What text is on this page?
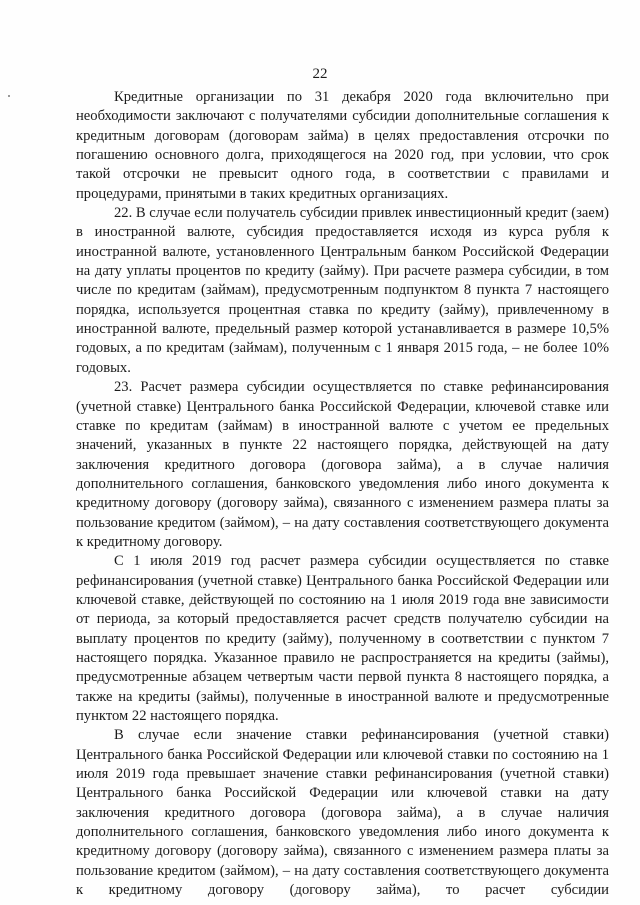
22

Кредитные организации по 31 декабря 2020 года включительно при необходимости заключают с получателями субсидии дополнительные соглашения к кредитным договорам (договорам займа) в целях предоставления отсрочки по погашению основного долга, приходящегося на 2020 год, при условии, что срок такой отсрочки не превысит одного года, в соответствии с правилами и процедурами, принятыми в таких кредитных организациях.

22. В случае если получатель субсидии привлек инвестиционный кредит (заем) в иностранной валюте, субсидия предоставляется исходя из курса рубля к иностранной валюте, установленного Центральным банком Российской Федерации на дату уплаты процентов по кредиту (займу). При расчете размера субсидии, в том числе по кредитам (займам), предусмотренным подпунктом 8 пункта 7 настоящего порядка, используется процентная ставка по кредиту (займу), привлеченному в иностранной валюте, предельный размер которой устанавливается в размере 10,5% годовых, а по кредитам (займам), полученным с 1 января 2015 года, – не более 10% годовых.

23. Расчет размера субсидии осуществляется по ставке рефинансирования (учетной ставке) Центрального банка Российской Федерации, ключевой ставке или ставке по кредитам (займам) в иностранной валюте с учетом ее предельных значений, указанных в пункте 22 настоящего порядка, действующей на дату заключения кредитного договора (договора займа), а в случае наличия дополнительного соглашения, банковского уведомления либо иного документа к кредитному договору (договору займа), связанного с изменением размера платы за пользование кредитом (займом), – на дату составления соответствующего документа к кредитному договору.

С 1 июля 2019 год расчет размера субсидии осуществляется по ставке рефинансирования (учетной ставке) Центрального банка Российской Федерации или ключевой ставке, действующей по состоянию на 1 июля 2019 года вне зависимости от периода, за который предоставляется расчет средств получателю субсидии на выплату процентов по кредиту (займу), полученному в соответствии с пунктом 7 настоящего порядка. Указанное правило не распространяется на кредиты (займы), предусмотренные абзацем четвертым части первой пункта 8 настоящего порядка, а также на кредиты (займы), полученные в иностранной валюте и предусмотренные пунктом 22 настоящего порядка.

В случае если значение ставки рефинансирования (учетной ставки) Центрального банка Российской Федерации или ключевой ставки по состоянию на 1 июля 2019 года превышает значение ставки рефинансирования (учетной ставки) Центрального банка Российской Федерации или ключевой ставки на дату заключения кредитного договора (договора займа), а в случае наличия дополнительного соглашения, банковского уведомления либо иного документа к кредитному договору (договору займа), связанного с изменением размера платы за пользование кредитом (займом), – на дату составления соответствующего документа к кредитному договору (договору займа), то расчет субсидии
